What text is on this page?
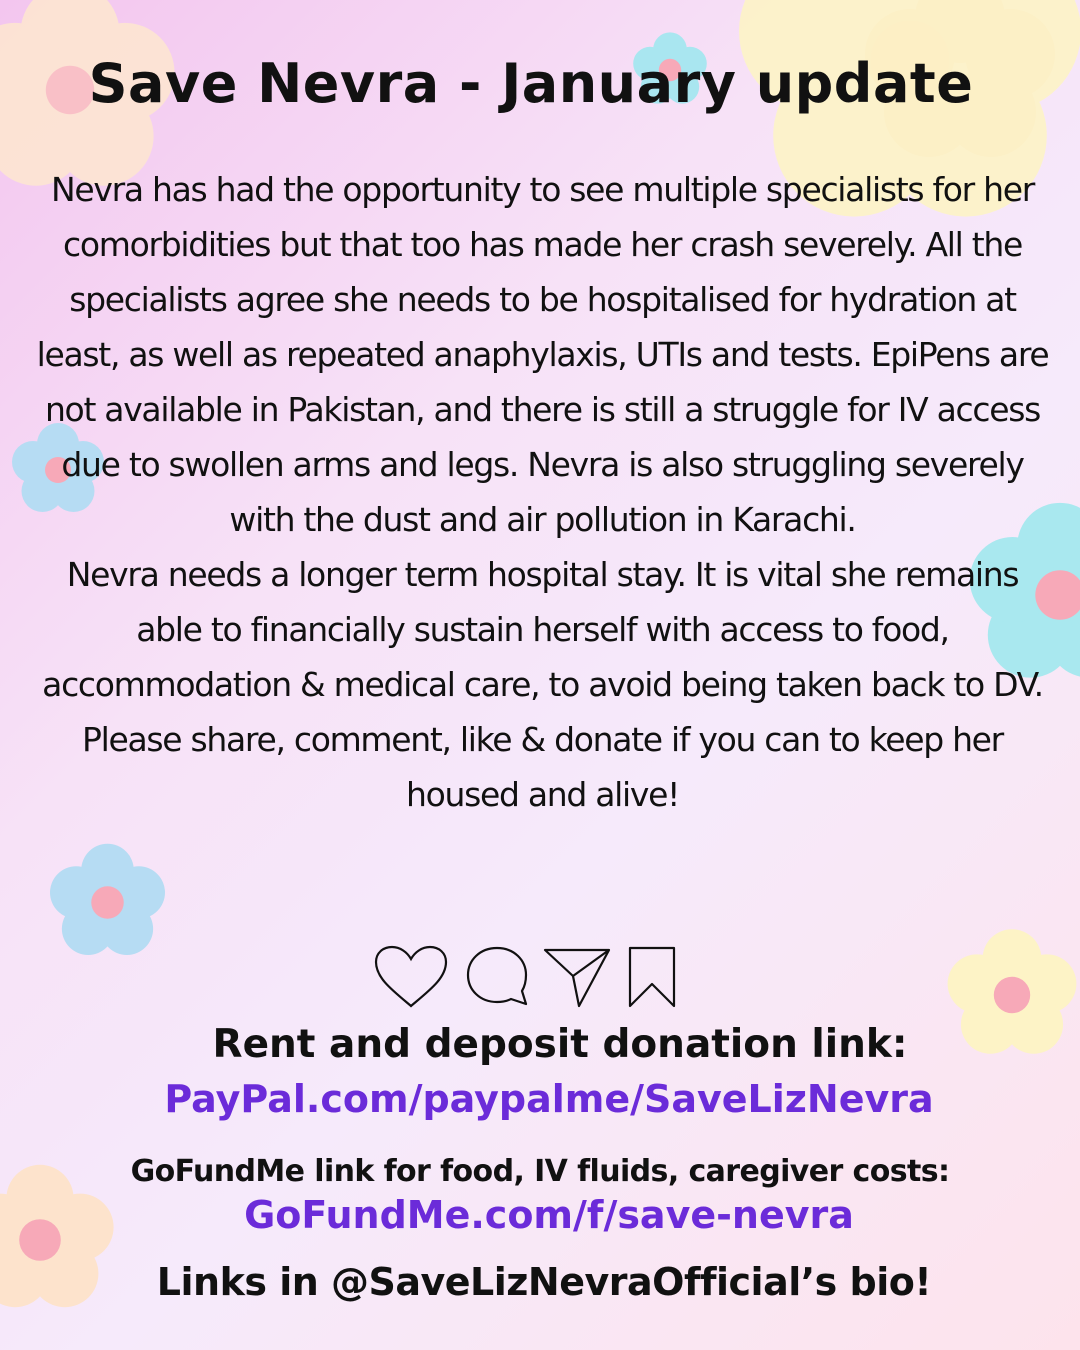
Save Nevra - January update

Nevra has had the opportunity to see multiple specialists for her comorbidities but that too has made her crash severely. All the specialists agree she needs to be hospitalised for hydration at least, as well as repeated anaphylaxis, UTIs and tests. EpiPens are not available in Pakistan, and there is still a struggle for IV access due to swollen arms and legs. Nevra is also struggling severely with the dust and air pollution in Karachi.

Nevra needs a longer term hospital stay. It is vital she remains able to financially sustain herself with access to food, accommodation & medical care, to avoid being taken back to DV.

Please share, comment, like & donate if you can to keep her housed and alive!

Rent and deposit donation link:
PayPal.com/paypalme/SaveLizNevra
GoFundMe link for food, IV fluids, caregiver costs:
GoFundMe.com/f/save-nevra
Links in @SaveLizNevraOfficial’s bio!
